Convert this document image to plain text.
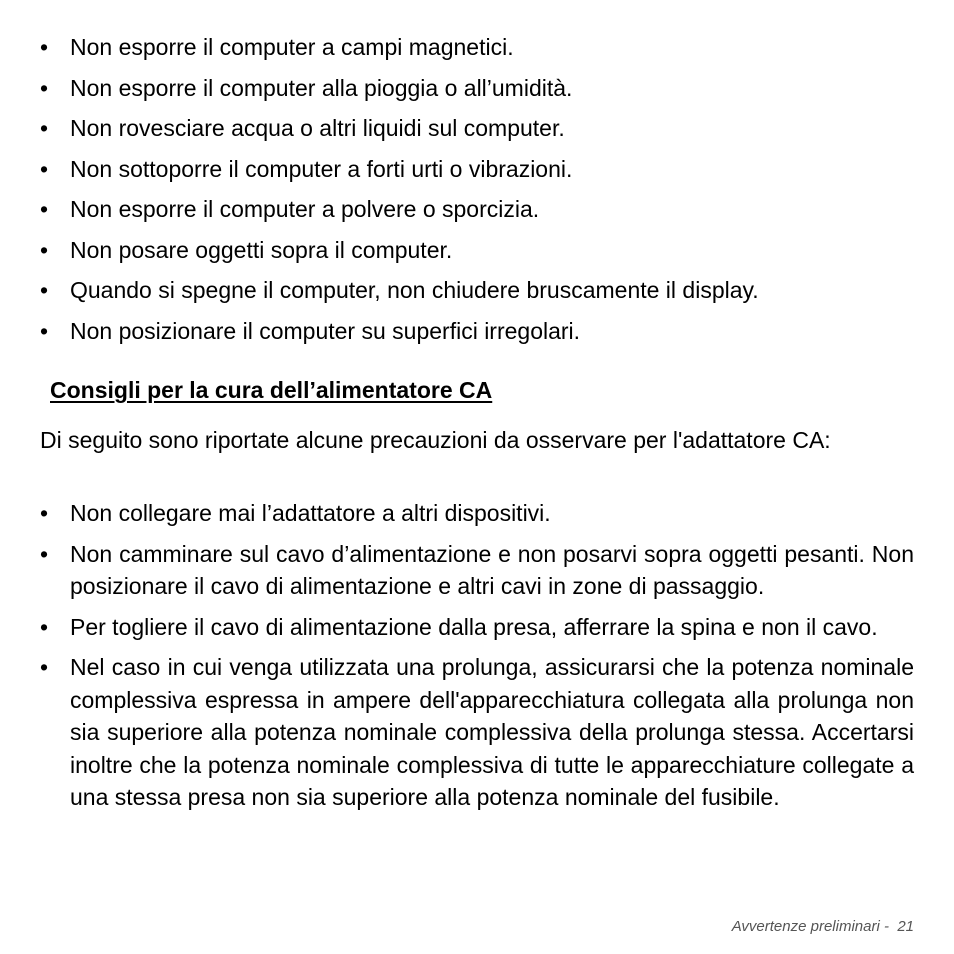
• Non esporre il computer a campi magnetici.
• Non esporre il computer alla pioggia o all’umidità.
• Non rovesciare acqua o altri liquidi sul computer.
• Non sottoporre il computer a forti urti o vibrazioni.
• Non esporre il computer a polvere o sporcizia.
• Non posare oggetti sopra il computer.
• Quando si spegne il computer, non chiudere bruscamente il display.
• Non posizionare il computer su superfici irregolari.
Consigli per la cura dell’alimentatore CA

Di seguito sono riportate alcune precauzioni da osservare per l'adattatore CA:

• Non collegare mai l’adattatore a altri dispositivi.
• Non camminare sul cavo d’alimentazione e non posarvi sopra oggetti pesanti. Non posizionare il cavo di alimentazione e altri cavi in zone di passaggio.
• Per togliere il cavo di alimentazione dalla presa, afferrare la spina e non il cavo.
• Nel caso in cui venga utilizzata una prolunga, assicurarsi che la potenza nominale complessiva espressa in ampere dell'apparecchiatura collegata alla prolunga non sia superiore alla potenza nominale complessiva della prolunga stessa. Accertarsi inoltre che la potenza nominale complessiva di tutte le apparecchiature collegate a una stessa presa non sia superiore alla potenza nominale del fusibile.
Avvertenze preliminari - 21
